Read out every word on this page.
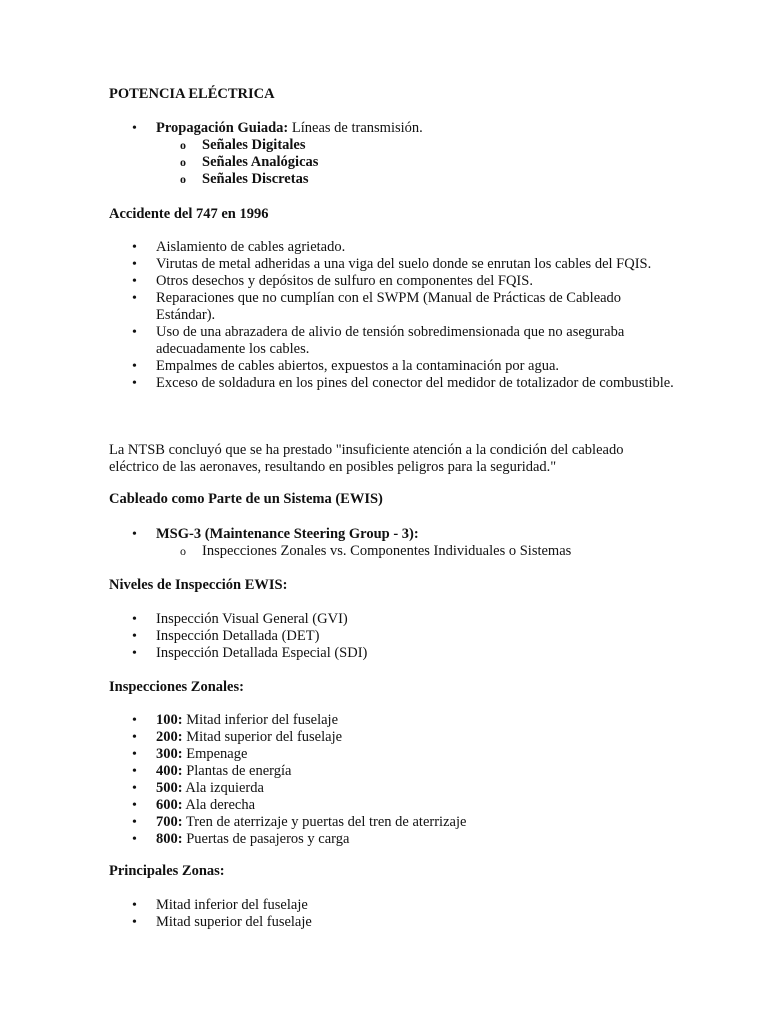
POTENCIA ELÉCTRICA
• Propagación Guiada: Líneas de transmisión.
o Señales Digitales
o Señales Analógicas
o Señales Discretas
Accidente del 747 en 1996
• Aislamiento de cables agrietado.
• Virutas de metal adheridas a una viga del suelo donde se enrutan los cables del FQIS.
• Otros desechos y depósitos de sulfuro en componentes del FQIS.
• Reparaciones que no cumplían con el SWPM (Manual de Prácticas de Cableado Estándar).
• Uso de una abrazadera de alivio de tensión sobredimensionada que no aseguraba adecuadamente los cables.
• Empalmes de cables abiertos, expuestos a la contaminación por agua.
• Exceso de soldadura en los pines del conector del medidor de totalizador de combustible.
La NTSB concluyó que se ha prestado "insuficiente atención a la condición del cableado eléctrico de las aeronaves, resultando en posibles peligros para la seguridad."
Cableado como Parte de un Sistema (EWIS)
• MSG-3 (Maintenance Steering Group - 3):
o Inspecciones Zonales vs. Componentes Individuales o Sistemas
Niveles de Inspección EWIS:
• Inspección Visual General (GVI)
• Inspección Detallada (DET)
• Inspección Detallada Especial (SDI)
Inspecciones Zonales:
• 100: Mitad inferior del fuselaje
• 200: Mitad superior del fuselaje
• 300: Empenage
• 400: Plantas de energía
• 500: Ala izquierda
• 600: Ala derecha
• 700: Tren de aterrizaje y puertas del tren de aterrizaje
• 800: Puertas de pasajeros y carga
Principales Zonas:
• Mitad inferior del fuselaje
• Mitad superior del fuselaje
